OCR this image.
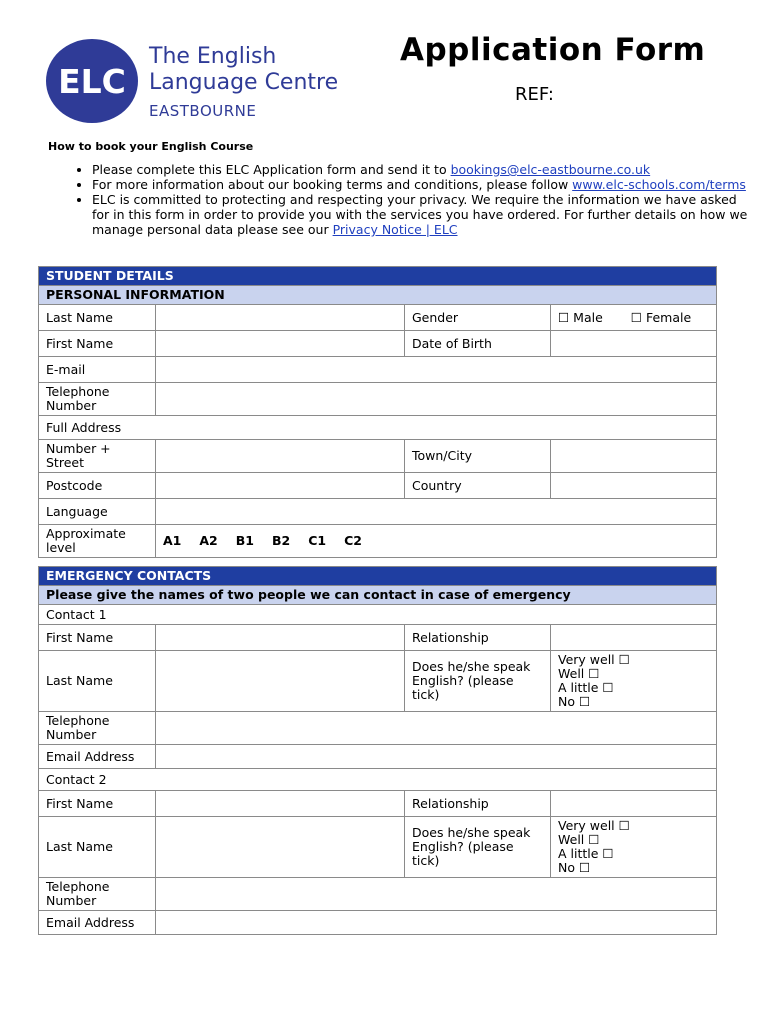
ELC
The English
Language Centre
EASTBOURNE
Application Form
REF:
How to book your English Course
• Please complete this ELC Application form and send it to bookings@elc-eastbourne.co.uk
• For more information about our booking terms and conditions, please follow www.elc-schools.com/terms
• ELC is committed to protecting and respecting your privacy. We require the information we have asked for in this form in order to provide you with the services you have ordered. For further details on how we manage personal data please see our Privacy Notice | ELC
STUDENT DETAILS			
PERSONAL INFORMATION			
Last Name		Gender	☐ Male ☐ Female

First Name		Date of Birth	
E-mail			
Telephone Number			
Full Address			
Number + Street		Town/City	
Postcode		Country	
Language			
Approximate level	A1 A2 B1 B2 C1 C2		
EMERGENCY CONTACTS			
Please give the names of two people we can contact in case of emergency			
Contact 1			
First Name		Relationship	
Last Name		Does he/she speak English? (please tick)	Very well ☐
Well ☐
A little ☐
No ☐

Telephone Number			
Email Address			
Contact 2			
First Name		Relationship	
Last Name		Does he/she speak English? (please tick)	Very well ☐
Well ☐
A little ☐
No ☐

Telephone Number			
Email Address			
